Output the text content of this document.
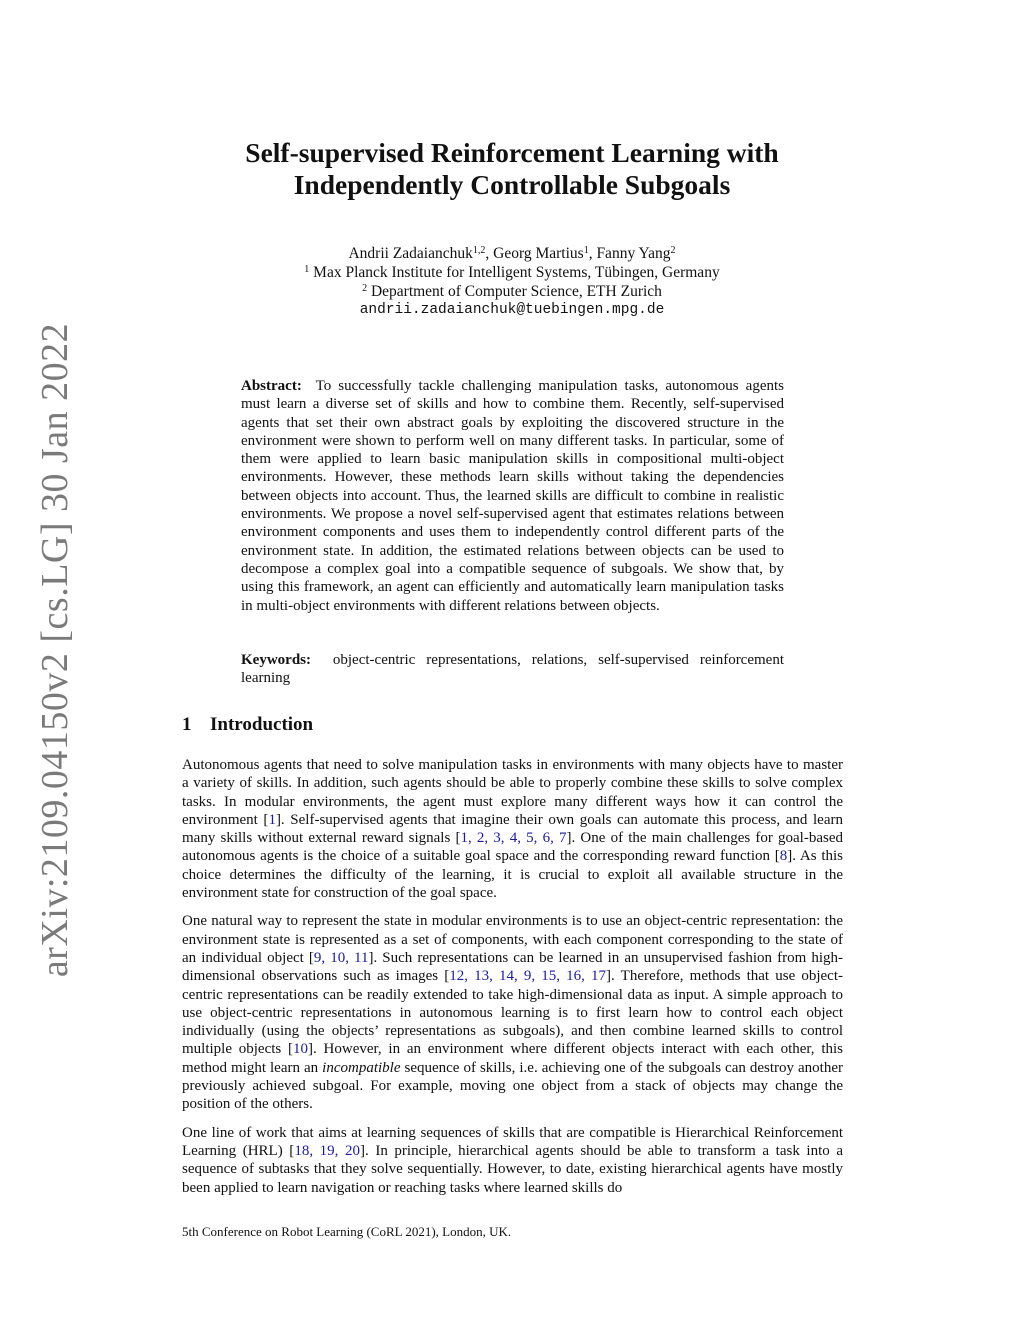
arXiv:2109.04150v2 [cs.LG] 30 Jan 2022
Self-supervised Reinforcement Learning with
Independently Controllable Subgoals
Andrii Zadaianchuk$^{1,2}$, Georg Martius$^1$, Fanny Yang$^2$
$^1$ Max Planck Institute for Intelligent Systems, Tübingen, Germany
$^2$ Department of Computer Science, ETH Zurich
andrii.zadaianchuk@tuebingen.mpg.de
Abstract: To successfully tackle challenging manipulation tasks, autonomous agents must learn a diverse set of skills and how to combine them. Recently, self-supervised agents that set their own abstract goals by exploiting the discovered structure in the environment were shown to perform well on many different tasks. In particular, some of them were applied to learn basic manipulation skills in compositional multi-object environments. However, these methods learn skills without taking the dependencies between objects into account. Thus, the learned skills are difficult to combine in realistic environments. We propose a novel self-supervised agent that estimates relations between environment components and uses them to independently control different parts of the environment state. In addition, the estimated relations between objects can be used to decompose a complex goal into a compatible sequence of subgoals. We show that, by using this framework, an agent can efficiently and automatically learn manipulation tasks in multi-object environments with different relations between objects.
Keywords: object-centric representations, relations, self-supervised reinforcement learning
1 Introduction

Autonomous agents that need to solve manipulation tasks in environments with many objects have to master a variety of skills. In addition, such agents should be able to properly combine these skills to solve complex tasks. In modular environments, the agent must explore many different ways how it can control the environment [1]. Self-supervised agents that imagine their own goals can automate this process, and learn many skills without external reward signals [1, 2, 3, 4, 5, 6, 7]. One of the main challenges for goal-based autonomous agents is the choice of a suitable goal space and the corresponding reward function [8]. As this choice determines the difficulty of the learning, it is crucial to exploit all available structure in the environment state for construction of the goal space.

One natural way to represent the state in modular environments is to use an object-centric representation: the environment state is represented as a set of components, with each component corresponding to the state of an individual object [9, 10, 11]. Such representations can be learned in an unsupervised fashion from high-dimensional observations such as images [12, 13, 14, 9, 15, 16, 17]. Therefore, methods that use object-centric representations can be readily extended to take high-dimensional data as input. A simple approach to use object-centric representations in autonomous learning is to first learn how to control each object individually (using the objects’ representations as subgoals), and then combine learned skills to control multiple objects [10]. However, in an environment where different objects interact with each other, this method might learn an incompatible sequence of skills, i.e. achieving one of the subgoals can destroy another previously achieved subgoal. For example, moving one object from a stack of objects may change the position of the others.

One line of work that aims at learning sequences of skills that are compatible is Hierarchical Reinforcement Learning (HRL) [18, 19, 20]. In principle, hierarchical agents should be able to transform a task into a sequence of subtasks that they solve sequentially. However, to date, existing hierarchical agents have mostly been applied to learn navigation or reaching tasks where learned skills do

5th Conference on Robot Learning (CoRL 2021), London, UK.
